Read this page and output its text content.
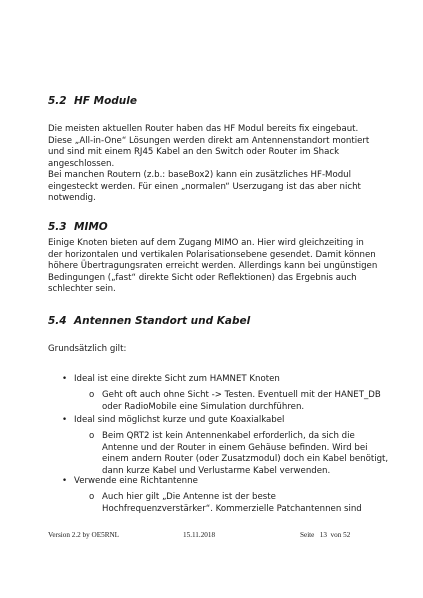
5.2 HF Module
Die meisten aktuellen Router haben das HF Modul bereits fix eingebaut. Diese „All-in-One“ Lösungen werden direkt am Antennenstandort montiert und sind mit einem RJ45 Kabel an den Switch oder Router im Shack angeschlossen.
Bei manchen Routern (z.b.: baseBox2) kann ein zusätzliches HF-Modul eingesteckt werden. Für einen „normalen“ Userzugang ist das aber nicht notwendig.
5.3 MIMO
Einige Knoten bieten auf dem Zugang MIMO an. Hier wird gleichzeiting in der horizontalen und vertikalen Polarisationsebene gesendet. Damit können höhere Übertragungsraten erreicht werden. Allerdings kann bei ungünstigen Bedingungen („fast“ direkte Sicht oder Reflektionen) das Ergebnis auch schlechter sein.
5.4 Antennen Standort und Kabel
Grundsätzlich gilt:
• Ideal ist eine direkte Sicht zum HAMNET Knoten
o Geht oft auch ohne Sicht -> Testen. Eventuell mit der HANET_DB oder RadioMobile eine Simulation durchführen.
• Ideal sind möglichst kurze und gute Koaxialkabel
o Beim QRT2 ist kein Antennenkabel erforderlich, da sich die Antenne und der Router in einem Gehäuse befinden. Wird bei einem andern Router (oder Zusatzmodul) doch ein Kabel benötigt, dann kurze Kabel und Verlustarme Kabel verwenden.
• Verwende eine Richtantenne
o Auch hier gilt „Die Antenne ist der beste Hochfrequenzverstärker“. Kommerzielle Patchantennen sind
Version 2.2 by OE5RNL	15.11.2018	Seite 13 von 52
